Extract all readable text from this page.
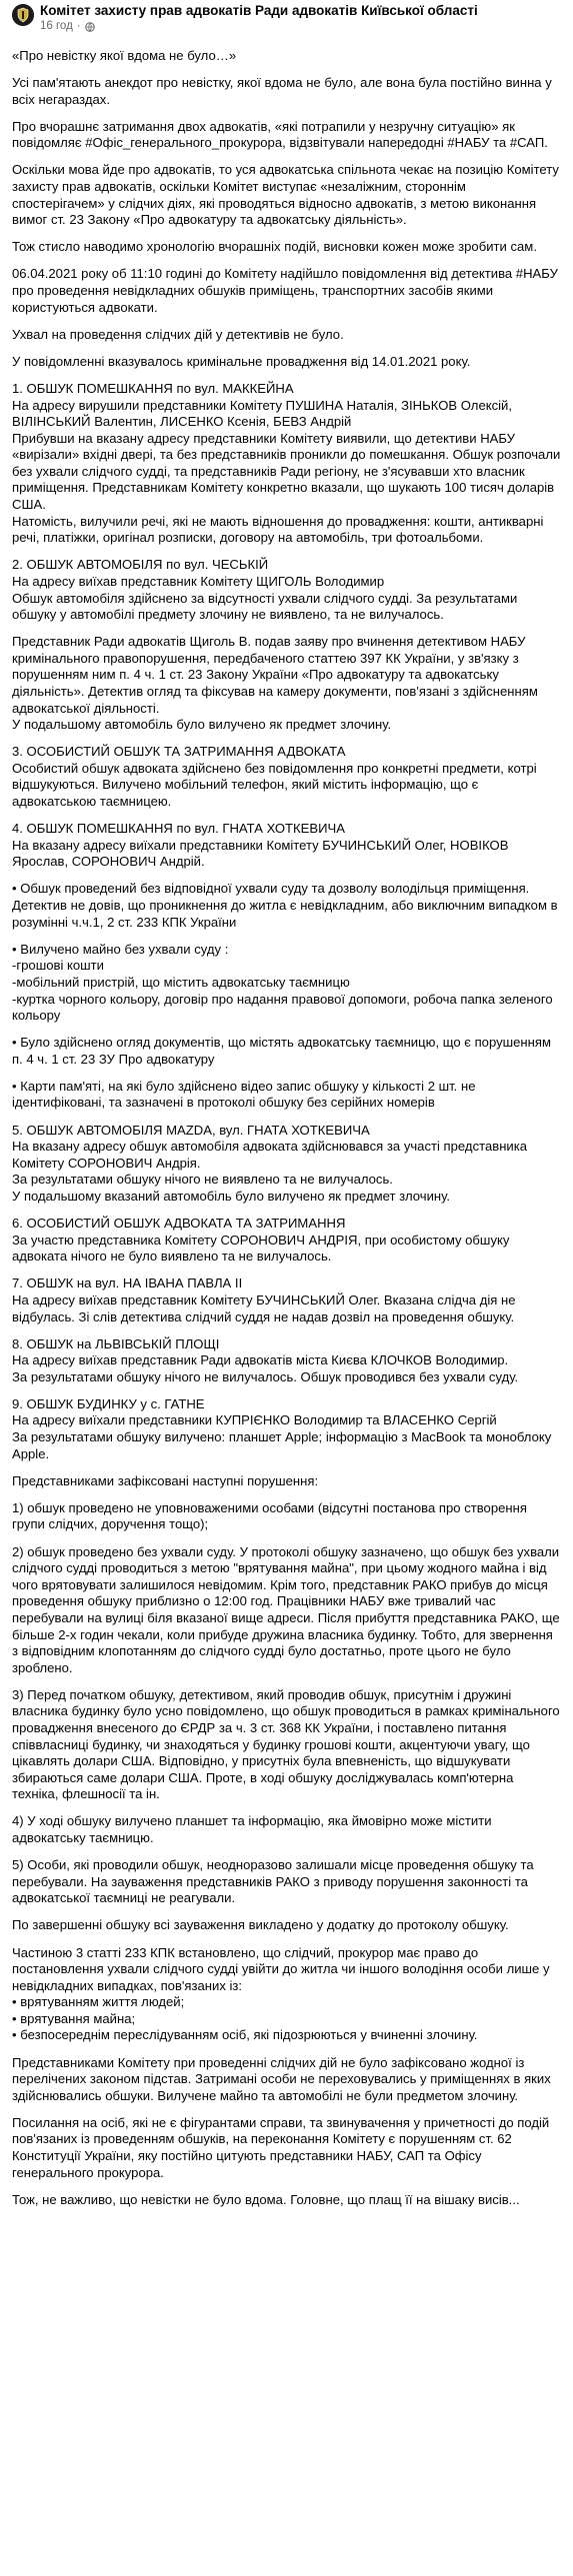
Комітет захисту прав адвокатів Ради адвокатів Київської області
16 год ·

«Про невістку якої вдома не було…»

Усі пам'ятають анекдот про невістку, якої вдома не було, але вона була постійно винна у всіх негараздах.

Про вчорашнє затримання двох адвокатів, «які потрапили у незручну ситуацію» як повідомляє #Офіс_генерального_прокурора, відзвітували напередодні #НАБУ та #САП.

Оскільки мова йде про адвокатів, то уся адвокатська спільнота чекає на позицію Комітету захисту прав адвокатів, оскільки Комітет виступає «незаліжним, стороннім спостерігачем» у слідчих діях, які проводяться відносно адвокатів, з метою виконання вимог ст. 23 Закону «Про адвокатуру та адвокатську діяльність».

Тож стисло наводимо хронологію вчорашніх подій, висновки кожен може зробити сам.

06.04.2021 року об 11:10 годині до Комітету надійшло повідомлення від детектива #НАБУ про проведення невідкладних обшуків приміщень, транспортних засобів якими користуються адвокати.

Ухвал на проведення слідчих дій у детективів не було.

У повідомленні вказувалось кримінальне провадження від 14.01.2021 року.

1. ОБШУК ПОМЕШКАННЯ по вул. МАККЕЙНА
На адресу вирушили представники Комітету ПУШИНА Наталія, ЗІНЬКОВ Олексій, ВІЛІНСЬКИЙ Валентин, ЛИСЕНКО Ксенія, БЕВЗ Андрій
Прибувши на вказану адресу представники Комітету виявили, що детективи НАБУ «вирізали» вхідні двері, та без представників проникли до помешкання. Обшук розпочали без ухвали слідчого судді, та представників Ради регіону, не з'ясувавши хто власник приміщення. Представникам Комітету конкретно вказали, що шукають 100 тисяч доларів США.
Натомість, вилучили речі, які не мають відношення до провадження: кошти, антикварні речі, платіжки, оригінал розписки, договору на автомобіль, три фотоальбоми.

2. ОБШУК АВТОМОБІЛЯ по вул. ЧЕСЬКІЙ
На адресу виїхав представник Комітету ЩИГОЛЬ Володимир
Обшук автомобіля здійснено за відсутності ухвали слідчого судді. За результатами обшуку у автомобілі предмету злочину не виявлено, та не вилучалось.

Представник Ради адвокатів Щиголь В. подав заяву про вчинення детективом НАБУ кримінального правопорушення, передбаченого статтею 397 КК України, у зв'язку з порушенням ним п. 4 ч. 1 ст. 23 Закону України «Про адвокатуру та адвокатську діяльність». Детектив огляд та фіксував на камеру документи, пов'язані з здійсненням адвокатської діяльності.
У подальшому автомобіль було вилучено як предмет злочину.

3. ОСОБИСТИЙ ОБШУК ТА ЗАТРИМАННЯ АДВОКАТА
Особистий обшук адвоката здійснено без повідомлення про конкретні предмети, котрі відшукуються. Вилучено мобільний телефон, який містить інформацію, що є адвокатською таємницею.

4. ОБШУК ПОМЕШКАННЯ по вул. ГНАТА ХОТКЕВИЧА
На вказану адресу виїхали представники Комітету БУЧИНСЬКИЙ Олег, НОВІКОВ Ярослав, СОРОНОВИЧ Андрій.

• Обшук проведений без відповідної ухвали суду та дозволу володільця приміщення. Детектив не довів, що проникнення до житла є невідкладним, або виключним випадком в розумінні ч.ч.1, 2 ст. 233 КПК України

• Вилучено майно без ухвали суду :
-грошові кошти
-мобільний пристрій, що містить адвокатську таємницю
-куртка чорного кольору, договір про надання правової допомоги, робоча папка зеленого кольору

• Було здійснено огляд документів, що містять адвокатську таємницю, що є порушенням п. 4 ч. 1 ст. 23 ЗУ Про адвокатуру

• Карти пам'яті, на які було здійснено відео запис обшуку у кількості 2 шт. не ідентифіковані, та зазначені в протоколі обшуку без серійних номерів

5. ОБШУК АВТОМОБІЛЯ MAZDA, вул. ГНАТА ХОТКЕВИЧА
На вказану адресу обшук автомобіля адвоката здійснювався за участі представника Комітету СОРОНОВИЧ Андрія.
За результатами обшуку нічого не виявлено та не вилучалось.
У подальшому вказаний автомобіль було вилучено як предмет злочину.

6. ОСОБИСТИЙ ОБШУК АДВОКАТА ТА ЗАТРИМАННЯ
За участю представника Комітету СОРОНОВИЧ АНДРІЯ, при особистому обшуку адвоката нічого не було виявлено та не вилучалось.

7. ОБШУК на вул. НА ІВАНА ПАВЛА ІІ
На адресу виїхав представник Комітету БУЧИНСЬКИЙ Олег. Вказана слідча дія не відбулась. Зі слів детектива слідчий суддя не надав дозвіл на проведення обшуку.

8. ОБШУК на ЛЬВІВСЬКІЙ ПЛОЩІ
На адресу виїхав представник Ради адвокатів міста Києва КЛОЧКОВ Володимир.
За результатами обшуку нічого не вилучалось. Обшук проводився без ухвали суду.

9. ОБШУК БУДИНКУ у с. ГАТНЕ
На адресу виїхали представники КУПРІЄНКО Володимир та ВЛАСЕНКО Сергій
За результатами обшуку вилучено: планшет Apple; інформацію з MacBook та моноблоку Apple.

Представниками зафіксовані наступні порушення:

1) обшук проведено не уповноваженими особами (відсутні постанова про створення групи слідчих, доручення тощо);

2) обшук проведено без ухвали суду. У протоколі обшуку зазначено, що обшук без ухвали слідчого судді проводиться з метою "врятування майна", при цьому жодного майна і від чого врятовувати залишилося невідомим. Крім того, представник РАКО прибув до місця проведення обшуку приблизно о 12:00 год. Працівники НАБУ вже тривалий час перебували на вулиці біля вказаної вище адреси. Після прибуття представника РАКО, ще більше 2-х годин чекали, коли прибуде дружина власника будинку. Тобто, для звернення з відповідним клопотанням до слідчого судді було достатньо, проте цього не було зроблено.

3) Перед початком обшуку, детективом, який проводив обшук, присутнім і дружині власника будинку було усно повідомлено, що обшук проводиться в рамках кримінального провадження внесеного до ЄРДР за ч. 3 ст. 368 КК України, і поставлено питання співвласниці будинку, чи знаходяться у будинку грошові кошти, акцентуючи увагу, що цікавлять долари США. Відповідно, у присутніх була впевненість, що відшукувати збираються саме долари США. Проте, в ході обшуку досліджувалась комп'ютерна техніка, флешносії та ін.

4) У ході обшуку вилучено планшет та інформацію, яка ймовірно може містити адвокатську таємницю.

5) Особи, які проводили обшук, неодноразово залишали місце проведення обшуку та перебували. На зауваження представників РАКО з приводу порушення законності та адвокатської таємниці не реагували.

По завершенні обшуку всі зауваження викладено у додатку до протоколу обшуку.

Частиною 3 статті 233 КПК встановлено, що слідчий, прокурор має право до постановлення ухвали слідчого судді увійти до житла чи іншого володіння особи лише у невідкладних випадках, пов'язаних із:
• врятуванням життя людей;
• врятування майна;
• безпосереднім переслідуванням осіб, які підозрюються у вчиненні злочину.

Представниками Комітету при проведенні слідчих дій не було зафіксовано жодної із перелічених законом підстав. Затримані особи не переховувались у приміщеннях в яких здійснювались обшуки. Вилучене майно та автомобілі не були предметом злочину.

Посилання на осіб, які не є фігурантами справи, та звинувачення у причетності до подій пов'язаних із проведенням обшуків, на переконання Комітету є порушенням ст. 62 Конституції України, яку постійно цитують представники НАБУ, САП та Офісу генерального прокурора.

Тож, не важливо, що невістки не було вдома. Головне, що плащ її на вішаку висів...
